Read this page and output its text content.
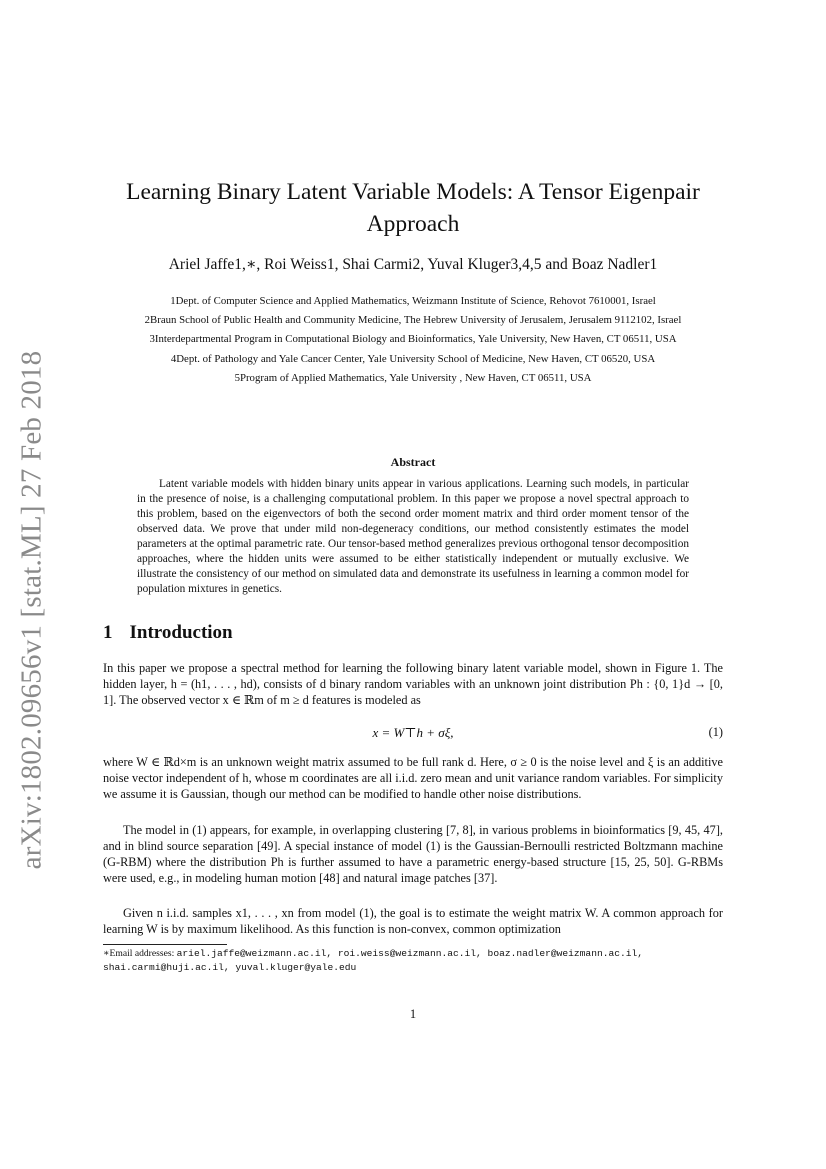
arXiv:1802.09656v1 [stat.ML] 27 Feb 2018
Learning Binary Latent Variable Models: A Tensor Eigenpair Approach
Ariel Jaffe1,∗, Roi Weiss1, Shai Carmi2, Yuval Kluger3,4,5 and Boaz Nadler1
1Dept. of Computer Science and Applied Mathematics, Weizmann Institute of Science, Rehovot 7610001, Israel
2Braun School of Public Health and Community Medicine, The Hebrew University of Jerusalem, Jerusalem 9112102, Israel
3Interdepartmental Program in Computational Biology and Bioinformatics, Yale University, New Haven, CT 06511, USA
4Dept. of Pathology and Yale Cancer Center, Yale University School of Medicine, New Haven, CT 06520, USA
5Program of Applied Mathematics, Yale University , New Haven, CT 06511, USA
Abstract
Latent variable models with hidden binary units appear in various applications. Learning such models, in particular in the presence of noise, is a challenging computational problem. In this paper we propose a novel spectral approach to this problem, based on the eigenvectors of both the second order moment matrix and third order moment tensor of the observed data. We prove that under mild non-degeneracy conditions, our method consistently estimates the model parameters at the optimal parametric rate. Our tensor-based method generalizes previous orthogonal tensor decomposition approaches, where the hidden units were assumed to be either statistically independent or mutually exclusive. We illustrate the consistency of our method on simulated data and demonstrate its usefulness in learning a common model for population mixtures in genetics.
1 Introduction
In this paper we propose a spectral method for learning the following binary latent variable model, shown in Figure 1. The hidden layer, h = (h1, . . . , hd), consists of d binary random variables with an unknown joint distribution Ph : {0, 1}d → [0, 1]. The observed vector x ∈ ℝm of m ≥ d features is modeled as
x = W⊤h + σξ,	(1)
where W ∈ ℝd×m is an unknown weight matrix assumed to be full rank d. Here, σ ≥ 0 is the noise level and ξ is an additive noise vector independent of h, whose m coordinates are all i.i.d. zero mean and unit variance random variables. For simplicity we assume it is Gaussian, though our method can be modified to handle other noise distributions.
The model in (1) appears, for example, in overlapping clustering [7, 8], in various problems in bioinformatics [9, 45, 47], and in blind source separation [49]. A special instance of model (1) is the Gaussian-Bernoulli restricted Boltzmann machine (G-RBM) where the distribution Ph is further assumed to have a parametric energy-based structure [15, 25, 50]. G-RBMs were used, e.g., in modeling human motion [48] and natural image patches [37].
Given n i.i.d. samples x1, . . . , xn from model (1), the goal is to estimate the weight matrix W. A common approach for learning W is by maximum likelihood. As this function is non-convex, common optimization
∗Email addresses: ariel.jaffe@weizmann.ac.il, roi.weiss@weizmann.ac.il, boaz.nadler@weizmann.ac.il, shai.carmi@huji.ac.il, yuval.kluger@yale.edu
1
